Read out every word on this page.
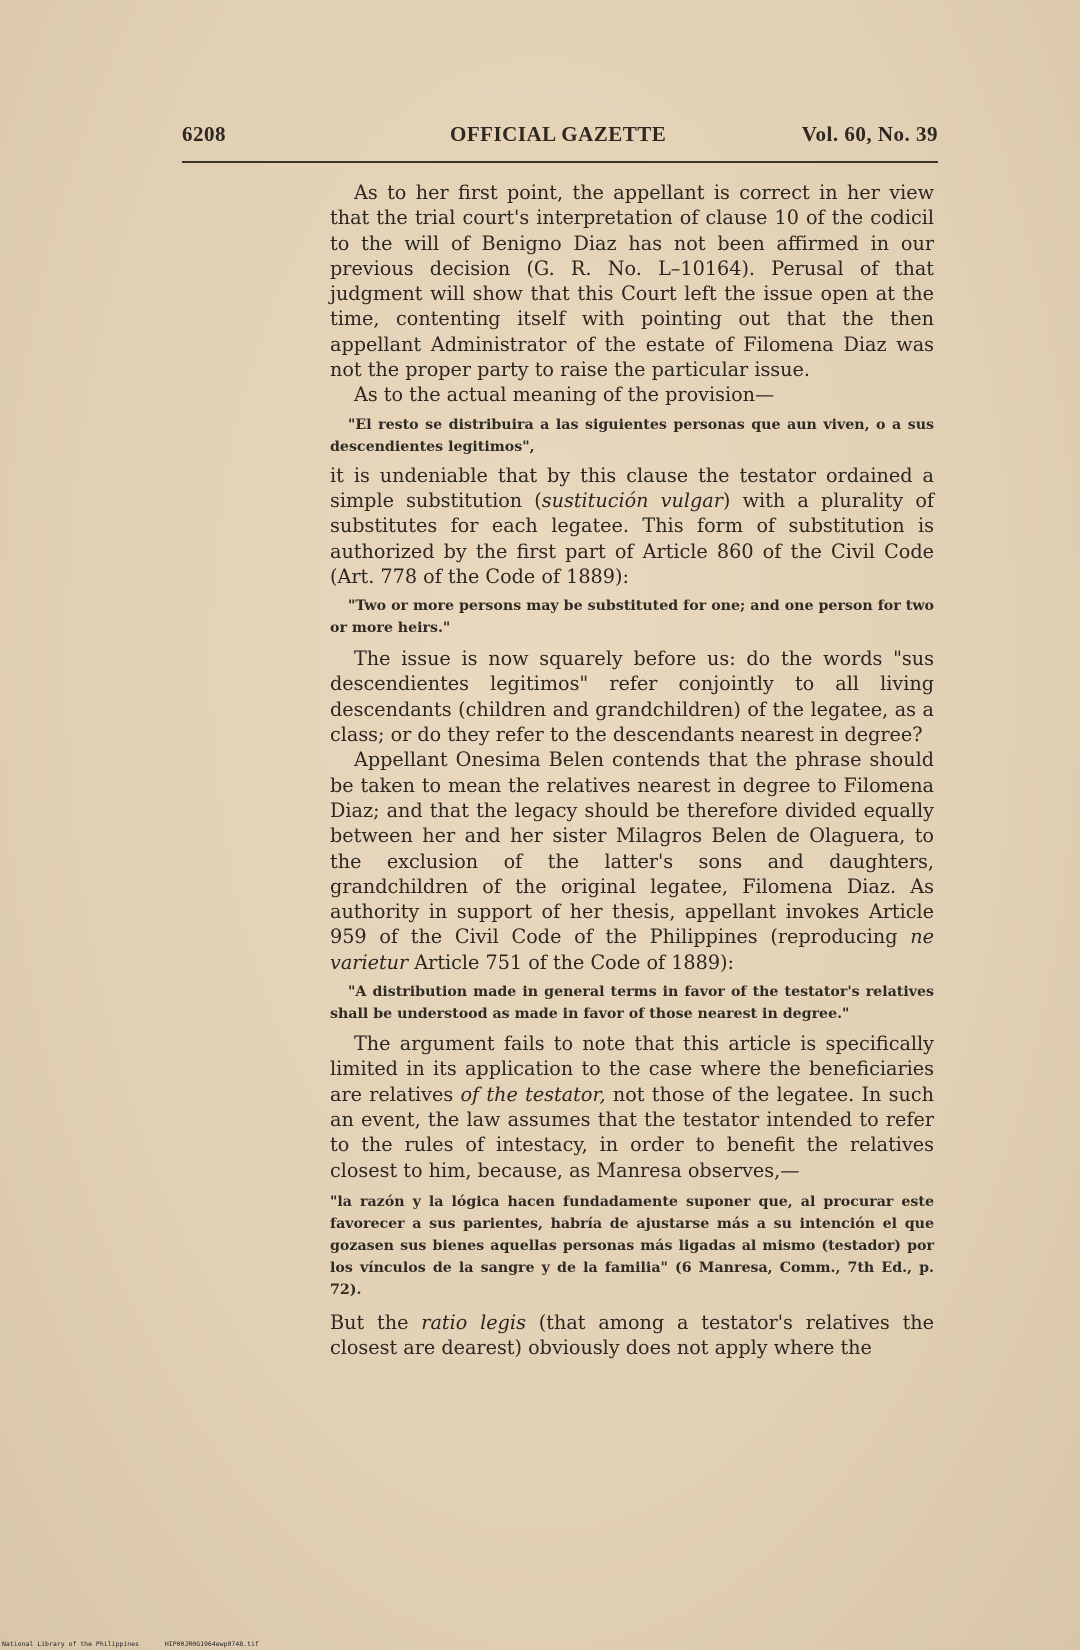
6208	OFFICIAL GAZETTE	Vol. 60, No. 39

As to her first point, the appellant is correct in her view that the trial court's interpretation of clause 10 of the codicil to the will of Benigno Diaz has not been affirmed in our previous decision (G. R. No. L–10164). Perusal of that judgment will show that this Court left the issue open at the time, contenting itself with pointing out that the then appellant Administrator of the estate of Filomena Diaz was not the proper party to raise the particular issue.

As to the actual meaning of the provision—

"El resto se distribuira a las siguientes personas que aun viven, o a sus descendientes legitimos",

it is undeniable that by this clause the testator ordained a simple substitution (sustitución vulgar) with a plurality of substitutes for each legatee. This form of substitution is authorized by the first part of Article 860 of the Civil Code (Art. 778 of the Code of 1889):

"Two or more persons may be substituted for one; and one person for two or more heirs."

The issue is now squarely before us: do the words "sus descendientes legitimos" refer conjointly to all living descendants (children and grandchildren) of the legatee, as a class; or do they refer to the descendants nearest in degree?

Appellant Onesima Belen contends that the phrase should be taken to mean the relatives nearest in degree to Filomena Diaz; and that the legacy should be therefore divided equally between her and her sister Milagros Belen de Olaguera, to the exclusion of the latter's sons and daughters, grandchildren of the original legatee, Filomena Diaz. As authority in support of her thesis, appellant invokes Article 959 of the Civil Code of the Philippines (reproducing ne varietur Article 751 of the Code of 1889):

"A distribution made in general terms in favor of the testator's relatives shall be understood as made in favor of those nearest in degree."

The argument fails to note that this article is specifically limited in its application to the case where the beneficiaries are relatives of the testator, not those of the legatee. In such an event, the law assumes that the testator intended to refer to the rules of intestacy, in order to benefit the relatives closest to him, because, as Manresa observes,—

"la razón y la lógica hacen fundadamente suponer que, al procurar este favorecer a sus parientes, habría de ajustarse más a su intención el que gozasen sus bienes aquellas personas más ligadas al mismo (testador) por los vínculos de la sangre y de la familia" (6 Manresa, Comm., 7th Ed., p. 72).

But the ratio legis (that among a testator's relatives the closest are dearest) obviously does not apply where the

National Library of the Philippines	HIP00JR0G1964ewp0748.tif
